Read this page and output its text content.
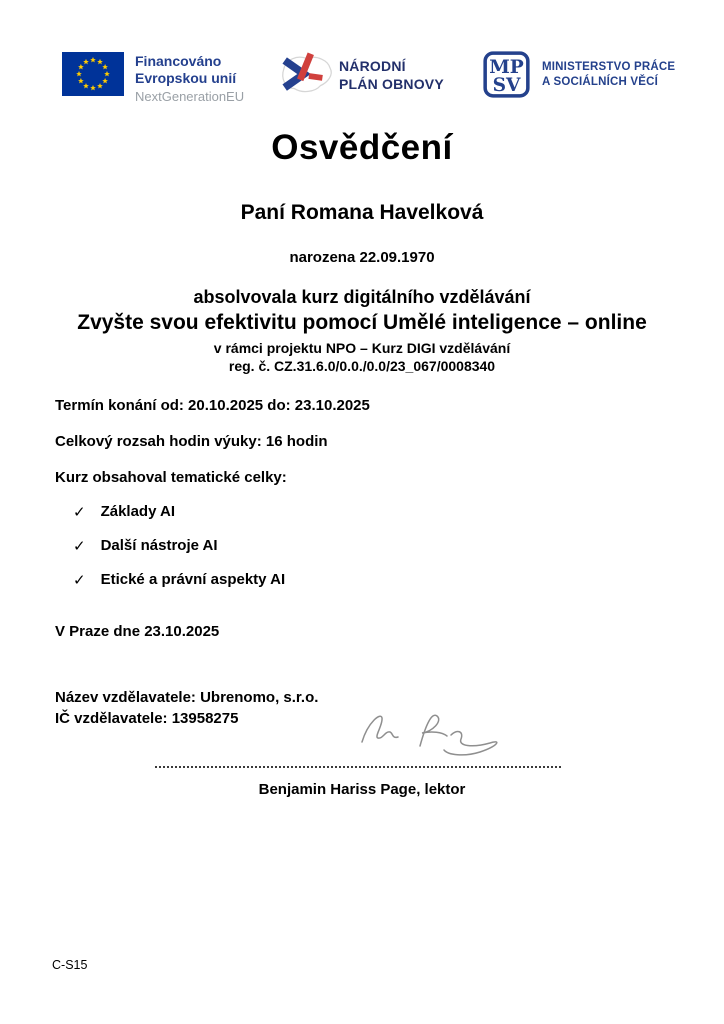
Financováno
Evropskou unií
NextGenerationEU
NÁRODNÍ
PLÁN OBNOVY
MP
SV
MINISTERSTVO PRÁCE
A SOCIÁLNÍCH VĚCÍ
Osvědčení
Paní Romana Havelková
narozena 22.09.1970
absolvovala kurz digitálního vzdělávání
Zvyšte svou efektivitu pomocí Umělé inteligence – online
v rámci projektu NPO – Kurz DIGI vzdělávání
reg. č. CZ.31.6.0/0.0./0.0/23_067/0008340
Termín konání od: 20.10.2025 do: 23.10.2025
Celkový rozsah hodin výuky: 16 hodin
Kurz obsahoval tematické celky:
✓ Základy AI
✓ Další nástroje AI
✓ Etické a právní aspekty AI
V Praze dne 23.10.2025
Název vzdělavatele: Ubrenomo, s.r.o.
IČ vzdělavatele: 13958275
Benjamin Hariss Page, lektor
C-S15
